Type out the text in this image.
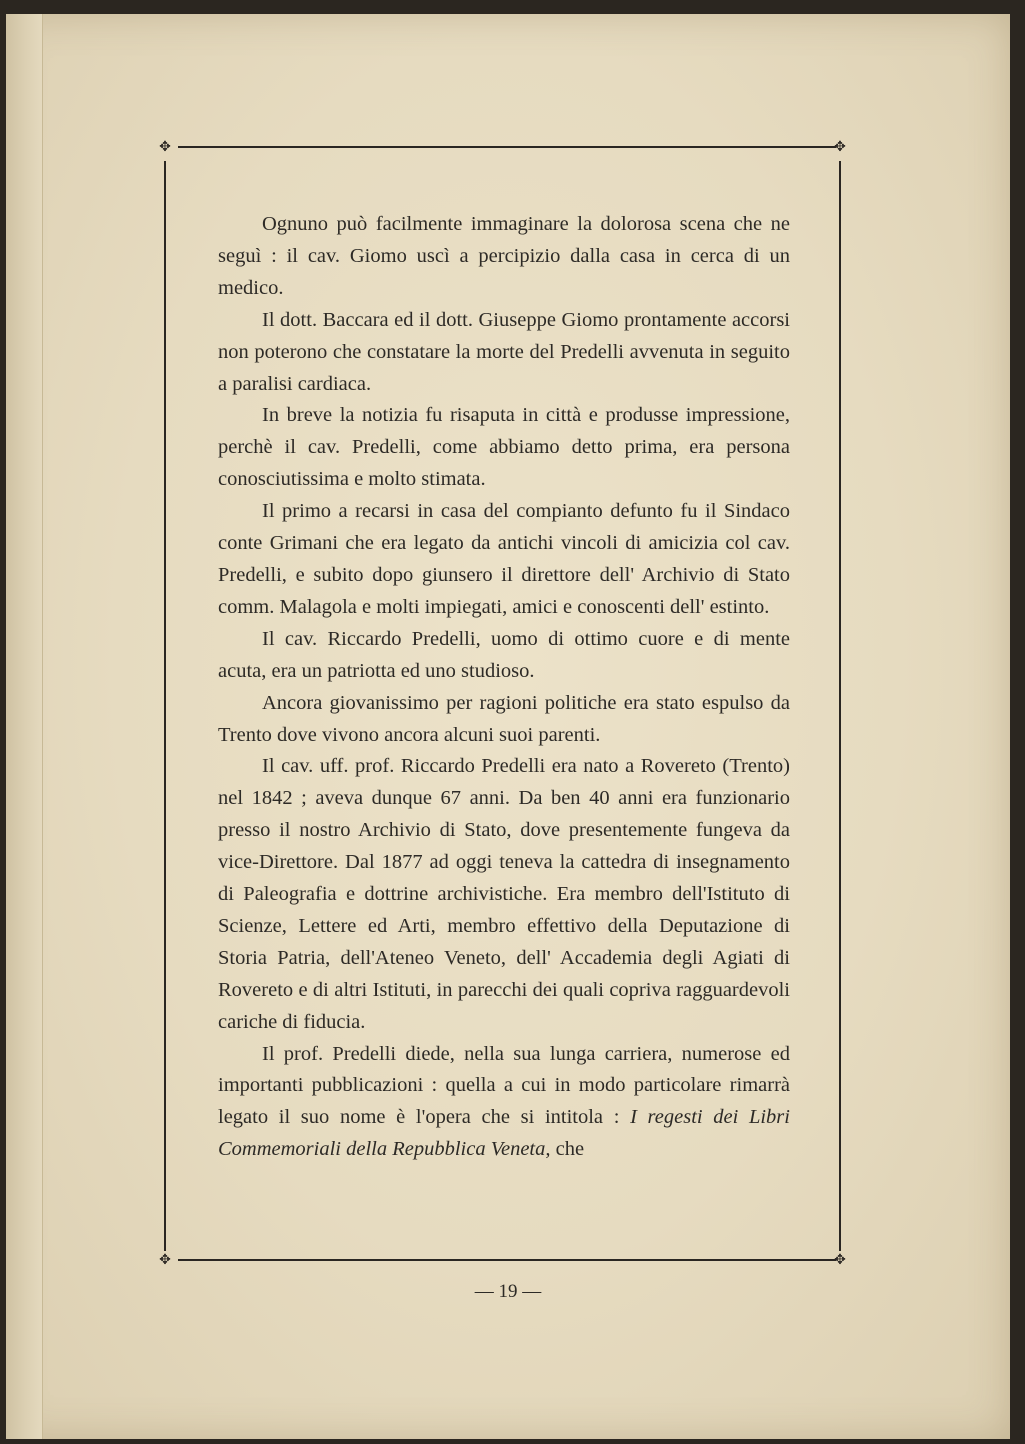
✥	✥
✥	✥

Ognuno può facilmente immaginare la dolorosa scena che ne seguì : il cav. Giomo uscì a percipizio dalla casa in cerca di un medico.

Il dott. Baccara ed il dott. Giuseppe Giomo prontamente accorsi non poterono che constatare la morte del Predelli avvenuta in seguito a paralisi cardiaca.

In breve la notizia fu risaputa in città e produsse impressione, perchè il cav. Predelli, come abbiamo detto prima, era persona conosciutissima e molto stimata.

Il primo a recarsi in casa del compianto defunto fu il Sindaco conte Grimani che era legato da antichi vincoli di amicizia col cav. Predelli, e subito dopo giunsero il direttore dell' Archivio di Stato comm. Malagola e molti impiegati, amici e conoscenti dell' estinto.

Il cav. Riccardo Predelli, uomo di ottimo cuore e di mente acuta, era un patriotta ed uno studioso.

Ancora giovanissimo per ragioni politiche era stato espulso da Trento dove vivono ancora alcuni suoi parenti.

Il cav. uff. prof. Riccardo Predelli era nato a Rovereto (Trento) nel 1842 ; aveva dunque 67 anni. Da ben 40 anni era funzionario presso il nostro Archivio di Stato, dove presentemente fungeva da vice-Direttore. Dal 1877 ad oggi teneva la cattedra di insegnamento di Paleografia e dottrine archivistiche. Era membro dell'Istituto di Scienze, Lettere ed Arti, membro effettivo della Deputazione di Storia Patria, dell'Ateneo Veneto, dell' Accademia degli Agiati di Rovereto e di altri Istituti, in parecchi dei quali copriva ragguardevoli cariche di fiducia.

Il prof. Predelli diede, nella sua lunga carriera, numerose ed importanti pubblicazioni : quella a cui in modo particolare rimarrà legato il suo nome è l'opera che si intitola : I regesti dei Libri Commemoriali della Repubblica Veneta, che

— 19 —
